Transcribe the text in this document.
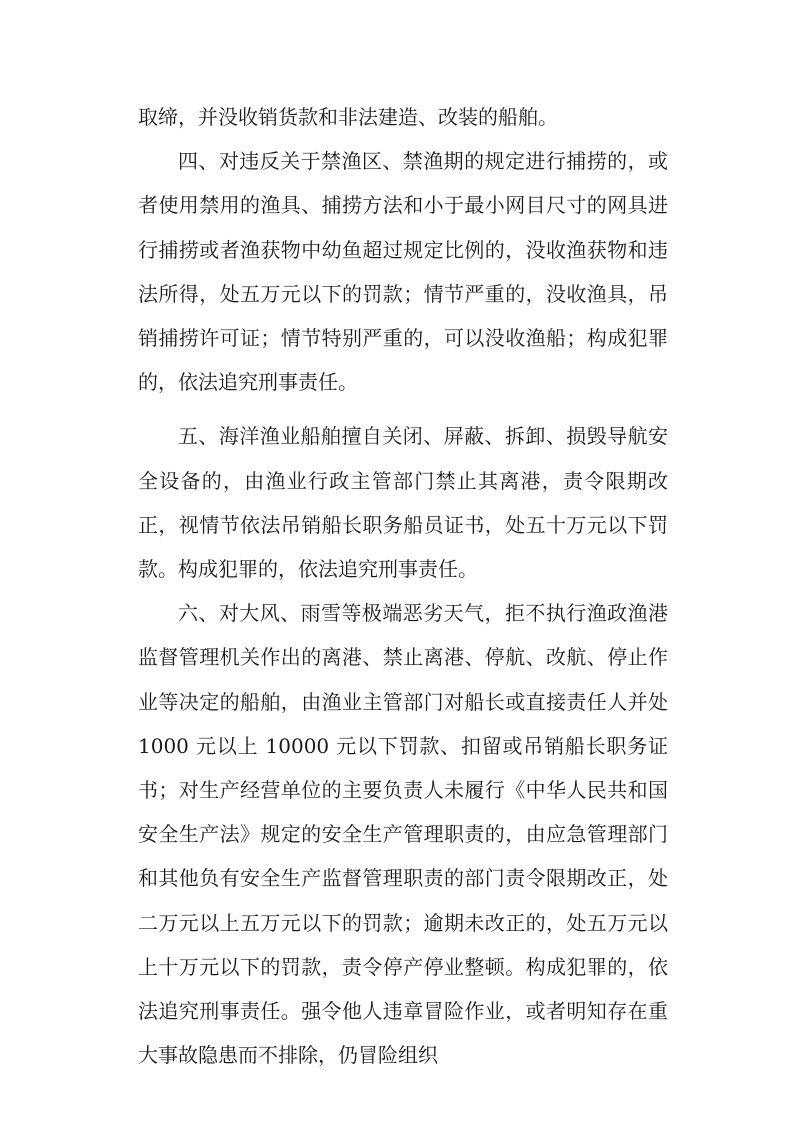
取缔，并没收销货款和非法建造、改装的船舶。

四、对违反关于禁渔区、禁渔期的规定进行捕捞的，或者使用禁用的渔具、捕捞方法和小于最小网目尺寸的网具进行捕捞或者渔获物中幼鱼超过规定比例的，没收渔获物和违法所得，处五万元以下的罚款；情节严重的，没收渔具，吊销捕捞许可证；情节特别严重的，可以没收渔船；构成犯罪的，依法追究刑事责任。

五、海洋渔业船舶擅自关闭、屏蔽、拆卸、损毁导航安全设备的，由渔业行政主管部门禁止其离港，责令限期改正，视情节依法吊销船长职务船员证书，处五十万元以下罚款。构成犯罪的，依法追究刑事责任。

六、对大风、雨雪等极端恶劣天气，拒不执行渔政渔港监督管理机关作出的离港、禁止离港、停航、改航、停止作业等决定的船舶，由渔业主管部门对船长或直接责任人并处 1000 元以上 10000 元以下罚款、扣留或吊销船长职务证书；对生产经营单位的主要负责人未履行《中华人民共和国安全生产法》规定的安全生产管理职责的，由应急管理部门和其他负有安全生产监督管理职责的部门责令限期改正，处二万元以上五万元以下的罚款；逾期未改正的，处五万元以上十万元以下的罚款，责令停产停业整顿。构成犯罪的，依法追究刑事责任。强令他人违章冒险作业，或者明知存在重大事故隐患而不排除，仍冒险组织
